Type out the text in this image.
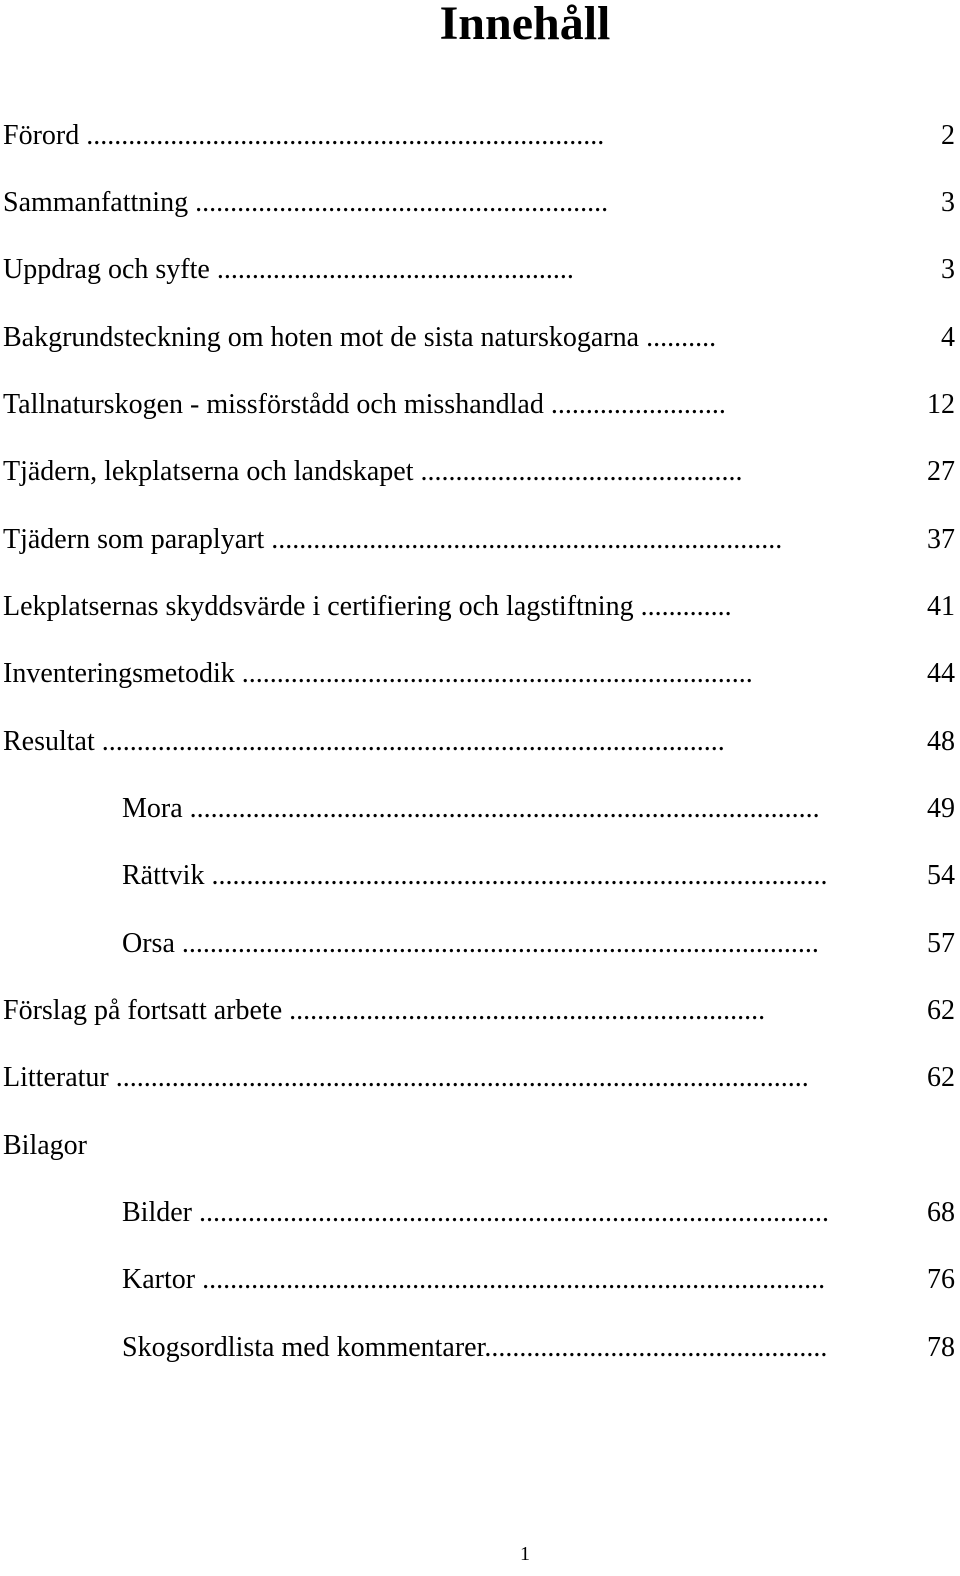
Innehåll
Förord ..........................................................................	2
Sammanfattning ...........................................................	3
Uppdrag och syfte ...................................................	3
Bakgrundsteckning om hoten mot de sista naturskogarna ..........	4
Tallnaturskogen - missförstådd och misshandlad .........................	12
Tjädern, lekplatserna och landskapet ..............................................	27
Tjädern som paraplyart .........................................................................	37
Lekplatsernas skyddsvärde i certifiering och lagstiftning .............	41
Inventeringsmetodik .........................................................................	44
Resultat .........................................................................................	48
Mora ..........................................................................................	49
Rättvik ........................................................................................	54
Orsa ...........................................................................................	57
Förslag på fortsatt arbete ....................................................................	62
Litteratur ...................................................................................................	62
Bilagor
Bilder ..........................................................................................	68
Kartor .........................................................................................	76
Skogsordlista med kommentarer.................................................	78
1
